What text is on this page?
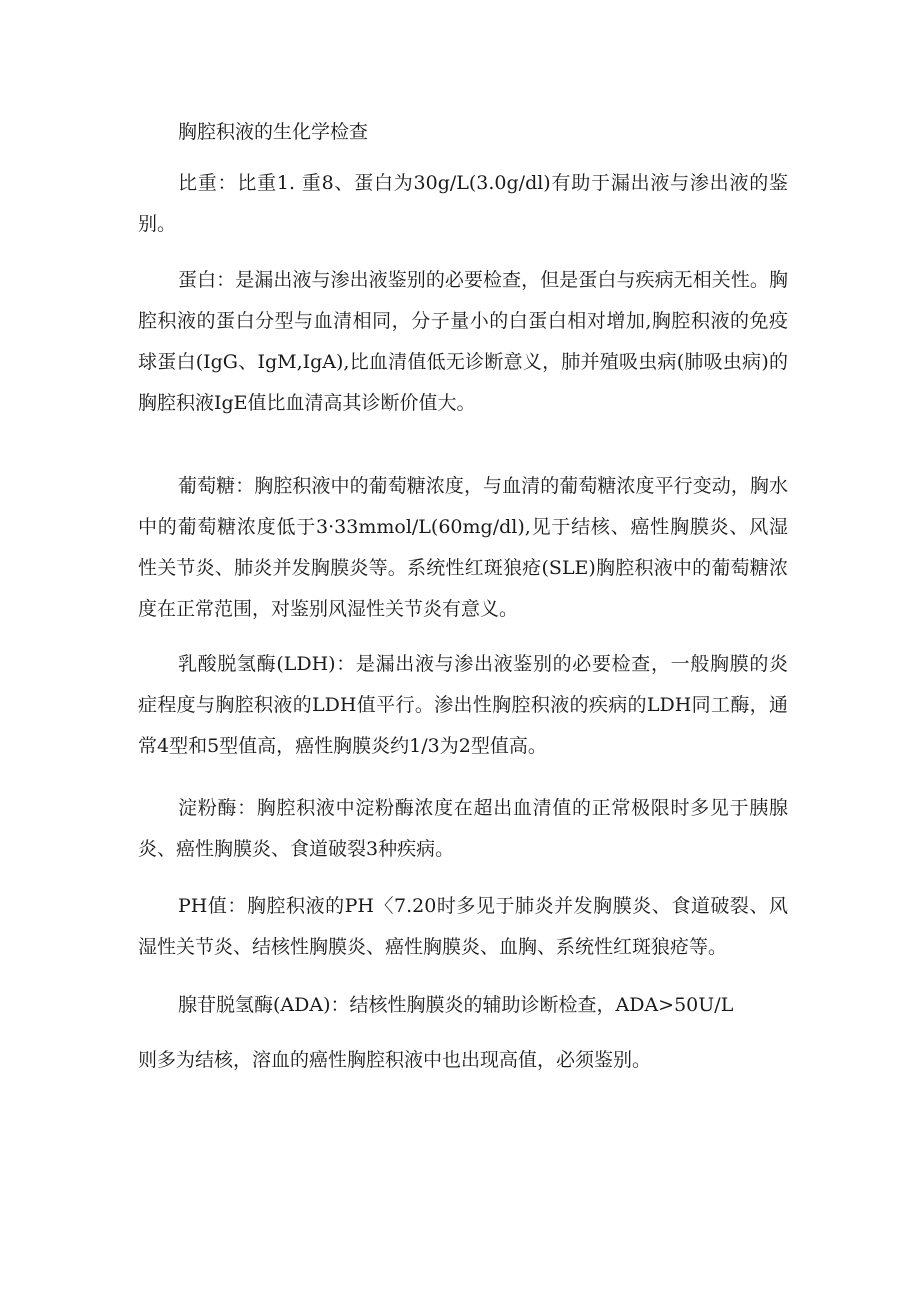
胸腔积液的生化学检查

比重：比重1. 重8、蛋白为30g/L(3.0g/dl)有助于漏出液与渗出液的鉴别。

蛋白：是漏出液与渗出液鉴别的必要检查，但是蛋白与疾病无相关性。胸腔积液的蛋白分型与血清相同，分子量小的白蛋白相对增加,胸腔积液的免疫球蛋白(IgG、IgM,IgA),比血清值低无诊断意义，肺并殖吸虫病(肺吸虫病)的胸腔积液IgE值比血清高其诊断价值大。

葡萄糖：胸腔积液中的葡萄糖浓度，与血清的葡萄糖浓度平行变动，胸水中的葡萄糖浓度低于3·33mmol/L(60mg/dl),见于结核、癌性胸膜炎、风湿性关节炎、肺炎并发胸膜炎等。系统性红斑狼疮(SLE)胸腔积液中的葡萄糖浓度在正常范围，对鉴别风湿性关节炎有意义。

乳酸脱氢酶(LDH)：是漏出液与渗出液鉴别的必要检查，一般胸膜的炎症程度与胸腔积液的LDH值平行。渗出性胸腔积液的疾病的LDH同工酶，通常4型和5型值高，癌性胸膜炎约1/3为2型值高。

淀粉酶：胸腔积液中淀粉酶浓度在超出血清值的正常极限时多见于胰腺炎、癌性胸膜炎、食道破裂3种疾病。

PH值：胸腔积液的PH〈7.20时多见于肺炎并发胸膜炎、食道破裂、风湿性关节炎、结核性胸膜炎、癌性胸膜炎、血胸、系统性红斑狼疮等。

腺苷脱氢酶(ADA)：结核性胸膜炎的辅助诊断检查，ADA>50U/L

则多为结核，溶血的癌性胸腔积液中也出现高值，必须鉴别。
